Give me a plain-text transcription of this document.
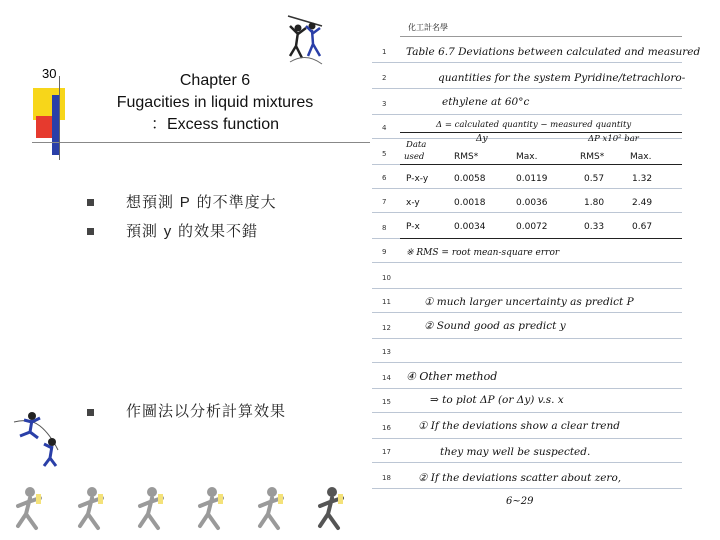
30	Chapter 6
Fugacities in liquid mixtures
：Excess function
想預測 P 的不準度大
預測 y 的效果不錯
作圖法以分析計算效果
化工計名學
1
2
3
4
5
6
7
8
9
10
11
12
13
14
15
16
17
18
Table 6.7 Deviations between calculated and measured
quantities for the system Pyridine/tetrachloro-
ethylene at 60°c
Δ = calculated quantity − measured quantity
Δy	ΔP x10² bar
Data
used	RMS*	Max.	RMS*	Max.
P-x-y	0.0058	0.0119	0.57	1.32
x-y	0.0018	0.0036	1.80	2.49
P-x	0.0034	0.0072	0.33	0.67
※ RMS = root mean-square error
① much larger uncertainty as predict P
② Sound good as predict y
④ Other method
⇒ to plot ΔP (or Δy) v.s. x
① If the deviations show a clear trend
they may well be suspected.
② If the deviations scatter about zero,
6~29
